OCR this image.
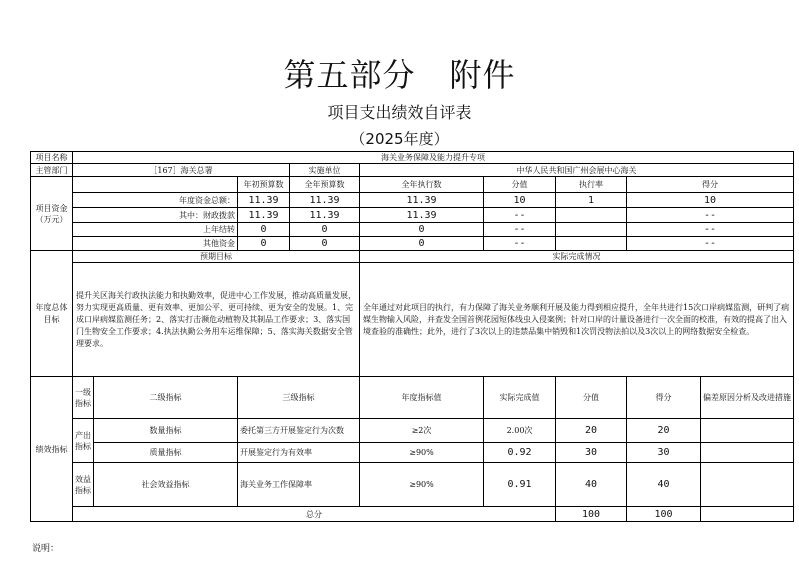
第五部分 附件
项目支出绩效自评表
（2025年度）
项目名称	海关业务保障及能力提升专项								
主管部门	［167］海关总署			实施单位	中华人民共和国广州会展中心海关				
项目资金（万元）			年初预算数	全年预算数	全年执行数	分值	执行率	得分	
	年度资金总额：		11.39	11.39	11.39	10	1	10	
	其中：财政拨款		11.39	11.39	11.39	--		--	
	上年结转		0	0	0	--		--	
	其他资金		0	0	0	--		--	
年度总体目标	预期目标				实际完成情况				
	提升关区海关行政执法能力和执勤效率，促进中心工作发展，推动高质量发展，努力实现更高质量、更有效率、更加公平、更可持续、更为安全的发展。1、完成口岸病媒监测任务；2、落实打击濒危动植物及其制品工作要求；3、落实国门生物安全工作要求；4.执法执勤公务用车运维保障；5、落实海关数据安全管理要求。				全年通过对此项目的执行，有力保障了海关业务顺利开展及能力得到相应提升，全年共进行15次口岸病媒监测，研判了病媒生物输入风险，并查发全国首例花园短体线虫入侵案例；针对口岸的计量设备进行一次全面的校准，有效的提高了出入境查验的准确性；此外，进行了3次以上的违禁品集中销毁和1次罚没物法拍以及3次以上的网络数据安全检查。				
绩效指标	一级指标	二级指标	三级指标		年度指标值	实际完成值	分值	得分	偏差原因分析及改进措施
	产出指标	数量指标	委托第三方开展鉴定行为次数		≥2次	2.00次	20	20	
		质量指标	开展鉴定行为有效率		≥90%	0.92	30	30	
	效益指标	社会效益指标	海关业务工作保障率		≥90%	0.91	40	40	
	总分						100	100	
说明：
